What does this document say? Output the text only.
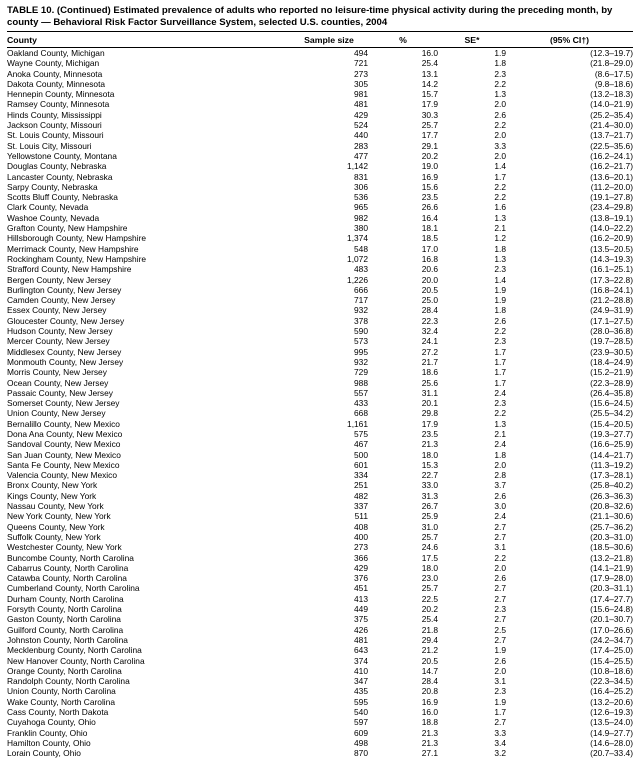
TABLE 10. (Continued) Estimated prevalence of adults who reported no leisure-time physical activity during the preceding month, by county — Behavioral Risk Factor Surveillance System, selected U.S. counties, 2004
County	Sample size	%	SE*	(95% CI†)
Oakland County, Michigan	494	16.0	1.9	(12.3–19.7)
Wayne County, Michigan	721	25.4	1.8	(21.8–29.0)
Anoka County, Minnesota	273	13.1	2.3	(8.6–17.5)
Dakota County, Minnesota	305	14.2	2.2	(9.8–18.6)
Hennepin County, Minnesota	981	15.7	1.3	(13.2–18.3)
Ramsey County, Minnesota	481	17.9	2.0	(14.0–21.9)
Hinds County, Mississippi	429	30.3	2.6	(25.2–35.4)
Jackson County, Missouri	524	25.7	2.2	(21.4–30.0)
St. Louis County, Missouri	440	17.7	2.0	(13.7–21.7)
St. Louis City, Missouri	283	29.1	3.3	(22.5–35.6)
Yellowstone County, Montana	477	20.2	2.0	(16.2–24.1)
Douglas County, Nebraska	1,142	19.0	1.4	(16.2–21.7)
Lancaster County, Nebraska	831	16.9	1.7	(13.6–20.1)
Sarpy County, Nebraska	306	15.6	2.2	(11.2–20.0)
Scotts Bluff County, Nebraska	536	23.5	2.2	(19.1–27.8)
Clark County, Nevada	965	26.6	1.6	(23.4–29.8)
Washoe County, Nevada	982	16.4	1.3	(13.8–19.1)
Grafton County, New Hampshire	380	18.1	2.1	(14.0–22.2)
Hillsborough County, New Hampshire	1,374	18.5	1.2	(16.2–20.9)
Merrimack County, New Hampshire	548	17.0	1.8	(13.5–20.5)
Rockingham County, New Hampshire	1,072	16.8	1.3	(14.3–19.3)
Strafford County, New Hampshire	483	20.6	2.3	(16.1–25.1)
Bergen County, New Jersey	1,226	20.0	1.4	(17.3–22.8)
Burlington County, New Jersey	666	20.5	1.9	(16.8–24.1)
Camden County, New Jersey	717	25.0	1.9	(21.2–28.8)
Essex County, New Jersey	932	28.4	1.8	(24.9–31.9)
Gloucester County, New Jersey	378	22.3	2.6	(17.1–27.5)
Hudson County, New Jersey	590	32.4	2.2	(28.0–36.8)
Mercer County, New Jersey	573	24.1	2.3	(19.7–28.5)
Middlesex County, New Jersey	995	27.2	1.7	(23.9–30.5)
Monmouth County, New Jersey	932	21.7	1.7	(18.4–24.9)
Morris County, New Jersey	729	18.6	1.7	(15.2–21.9)
Ocean County, New Jersey	988	25.6	1.7	(22.3–28.9)
Passaic County, New Jersey	557	31.1	2.4	(26.4–35.8)
Somerset County, New Jersey	433	20.1	2.3	(15.6–24.5)
Union County, New Jersey	668	29.8	2.2	(25.5–34.2)
Bernalillo County, New Mexico	1,161	17.9	1.3	(15.4–20.5)
Dona Ana County, New Mexico	575	23.5	2.1	(19.3–27.7)
Sandoval County, New Mexico	467	21.3	2.4	(16.6–25.9)
San Juan County, New Mexico	500	18.0	1.8	(14.4–21.7)
Santa Fe County, New Mexico	601	15.3	2.0	(11.3–19.2)
Valencia County, New Mexico	334	22.7	2.8	(17.3–28.1)
Bronx County, New York	251	33.0	3.7	(25.8–40.2)
Kings County, New York	482	31.3	2.6	(26.3–36.3)
Nassau County, New York	337	26.7	3.0	(20.8–32.6)
New York County, New York	511	25.9	2.4	(21.1–30.6)
Queens County, New York	408	31.0	2.7	(25.7–36.2)
Suffolk County, New York	400	25.7	2.7	(20.3–31.0)
Westchester County, New York	273	24.6	3.1	(18.5–30.6)
Buncombe County, North Carolina	366	17.5	2.2	(13.2–21.8)
Cabarrus County, North Carolina	429	18.0	2.0	(14.1–21.9)
Catawba County, North Carolina	376	23.0	2.6	(17.9–28.0)
Cumberland County, North Carolina	451	25.7	2.7	(20.3–31.1)
Durham County, North Carolina	413	22.5	2.7	(17.4–27.7)
Forsyth County, North Carolina	449	20.2	2.3	(15.6–24.8)
Gaston County, North Carolina	375	25.4	2.7	(20.1–30.7)
Guilford County, North Carolina	426	21.8	2.5	(17.0–26.6)
Johnston County, North Carolina	481	29.4	2.7	(24.2–34.7)
Mecklenburg County, North Carolina	643	21.2	1.9	(17.4–25.0)
New Hanover County, North Carolina	374	20.5	2.6	(15.4–25.5)
Orange County, North Carolina	410	14.7	2.0	(10.8–18.6)
Randolph County, North Carolina	347	28.4	3.1	(22.3–34.5)
Union County, North Carolina	435	20.8	2.3	(16.4–25.2)
Wake County, North Carolina	595	16.9	1.9	(13.2–20.6)
Cass County, North Dakota	540	16.0	1.7	(12.6–19.3)
Cuyahoga County, Ohio	597	18.8	2.7	(13.5–24.0)
Franklin County, Ohio	609	21.3	3.3	(14.9–27.7)
Hamilton County, Ohio	498	21.3	3.4	(14.6–28.0)
Lorain County, Ohio	870	27.1	3.2	(20.7–33.4)
